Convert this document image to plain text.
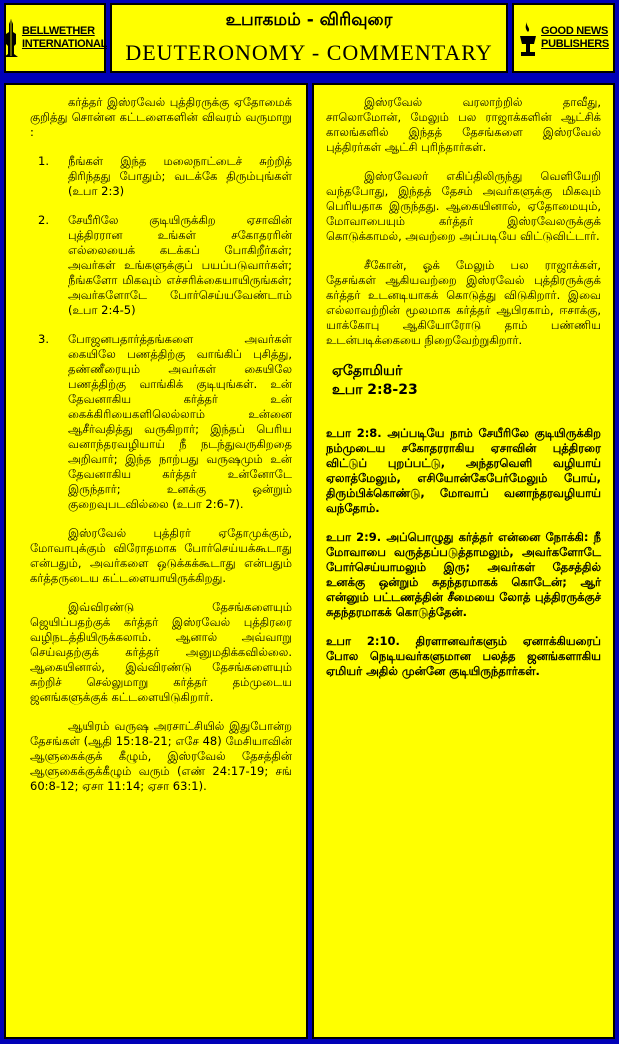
BELLWETHER
INTERNATIONAL
உபாகமம் - விரிவுரை
DEUTERONOMY - COMMENTARY
GOOD NEWS
PUBLISHERS

கர்த்தர் இஸ்ரவேல் புத்திரருக்கு ஏதோமைக் குறித்து சொன்ன கட்டளைகளின் விவரம் வருமாறு :

1.	நீங்கள் இந்த மலைநாட்டைச் சுற்றித் திரிந்தது போதும்; வடக்கே திரும்புங்கள் (உபா 2:3)
2.	சேயீரிலே குடியிருக்கிற ஏசாவின் புத்திரரான உங்கள் சகோதரரின் எல்லையைக் கடக்கப் போகிறீர்கள்; அவர்கள் உங்களுக்குப் பயப்படுவார்கள்; நீங்களோ மிகவும் எச்சரிக்கையாயிருங்கள்; அவர்களோடே போர்செய்யவேண்டாம் (உபா 2:4-5)
3.	போஜனபதார்த்தங்களை அவர்கள் கையிலே பணத்திற்கு வாங்கிப் புசித்து, தண்ணீரையும் அவர்கள் கையிலே பணத்திற்கு வாங்கிக் குடியுங்கள். உன் தேவனாகிய கர்த்தர் உன் கைக்கிரியைகளிலெல்லாம் உன்னை ஆசீர்வதித்து வருகிறார்; இந்தப் பெரிய வனாந்தரவழியாய் நீ நடந்துவருகிறதை அறிவார்; இந்த நாற்பது வருஷமும் உன் தேவனாகிய கர்த்தர் உன்னோடே இருந்தார்; உனக்கு ஒன்றும் குறைவுபடவில்லை (உபா 2:6-7).

இஸ்ரவேல் புத்திரர் ஏதோமுக்கும், மோவாபுக்கும் விரோதமாக போர்செய்யக்கூடாது என்பதும், அவர்களை ஒடுக்கக்கூடாது என்பதும் கர்த்தருடைய கட்டளையாயிருக்கிறது.

இவ்விரண்டு தேசங்களையும் ஜெயிப்பதற்குக் கர்த்தர் இஸ்ரவேல் புத்திரரை வழிநடத்தியிருக்கலாம். ஆனால் அவ்வாறு செய்வதற்குக் கர்த்தர் அனுமதிக்கவில்லை. ஆகையினால், இவ்விரண்டு தேசங்களையும் சுற்றிச் செல்லுமாறு கர்த்தர் தம்முடைய ஜனங்களுக்குக் கட்டளையிடுகிறார்.

ஆயிரம் வருஷ அரசாட்சியில் இதுபோன்ற தேசங்கள் (ஆதி 15:18-21; எசே 48) மேசியாவின் ஆளுகைக்குக் கீழும், இஸ்ரவேல் தேசத்தின் ஆளுகைக்குக்கீழும் வரும் (எண் 24:17-19; சங் 60:8-12; ஏசா 11:14; ஏசா 63:1).

இஸ்ரவேல் வரலாற்றில் தாவீது, சாலொமோன், மேலும் பல ராஜாக்களின் ஆட்சிக் காலங்களில் இந்தத் தேசங்களை இஸ்ரவேல் புத்திரர்கள் ஆட்சி புரிந்தார்கள்.

இஸ்ரவேலர் எகிப்திலிருந்து வெளியேறி வந்தபோது, இந்தத் தேசம் அவர்களுக்கு மிகவும் பெரியதாக இருந்தது. ஆகையினால், ஏதோமையும், மோவாபையும் கர்த்தர் இஸ்ரவேலருக்குக் கொடுக்காமல், அவற்றை அப்படியே விட்டுவிட்டார்.

சீகோன், ஓக் மேலும் பல ராஜாக்கள், தேசங்கள் ஆகியவற்றை இஸ்ரவேல் புத்திரருக்குக் கர்த்தர் உடனடியாகக் கொடுத்து விடுகிறார். இவை எல்லாவற்றின் மூலமாக கர்த்தர் ஆபிரகாம், ஈசாக்கு, யாக்கோபு ஆகியோரோடு தாம் பண்ணிய உடன்படிக்கையை நிறைவேற்றுகிறார்.

ஏதோமியர்
உபா 2:8-23

உபா 2:8. அப்படியே நாம் சேயீரிலே குடியிருக்கிற நம்முடைய சகோதரராகிய ஏசாவின் புத்திரரை விட்டுப் புறப்பட்டு, அந்தரவெளி வழியாய் ஏலாத்மேலும், எசியோன்கேபேர்மேலும் போய், திரும்பிக்கொண்டு, மோவாப் வனாந்தரவழியாய் வந்தோம்.

உபா 2:9. அப்பொழுது கர்த்தர் என்னை நோக்கி: நீ மோவாபை வருத்தப்படுத்தாமலும், அவர்களோடே போர்செய்யாமலும் இரு; அவர்கள் தேசத்தில் உனக்கு ஒன்றும் சுதந்தரமாகக் கொடேன்; ஆர் என்னும் பட்டணத்தின் சீமையை லோத் புத்திரருக்குச் சுதந்தரமாகக் கொடுத்தேன்.

உபா 2:10. திரளானவர்களும் ஏனாக்கியரைப் போல நெடியவர்களுமான பலத்த ஜனங்களாகிய ஏமியர் அதில் முன்னே குடியிருந்தார்கள்.
